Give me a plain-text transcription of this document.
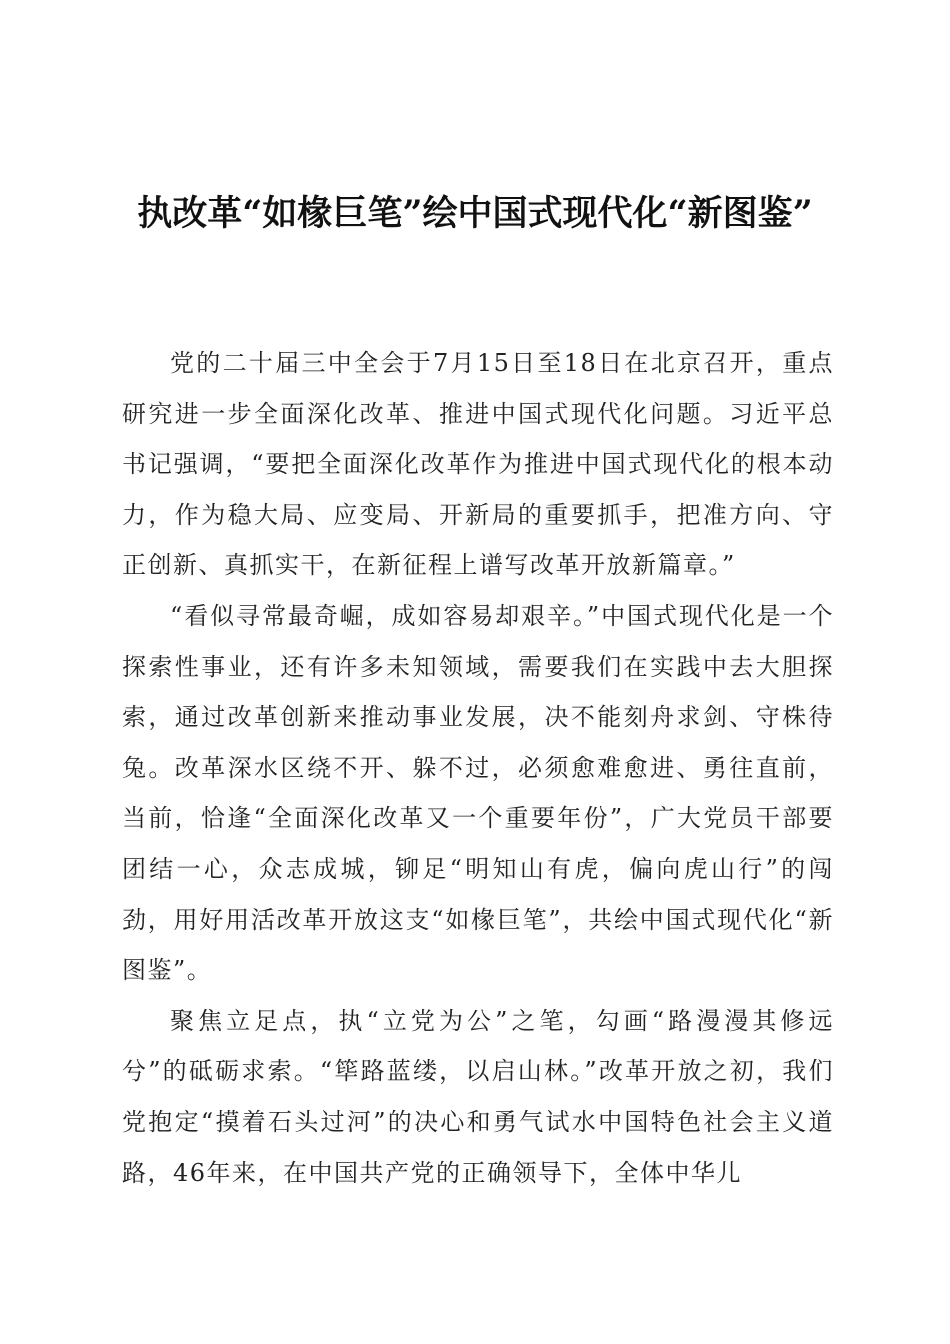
执改革“如椽巨笔”绘中国式现代化“新图鉴”

党的二十届三中全会于7月15日至18日在北京召开，重点研究进一步全面深化改革、推进中国式现代化问题。习近平总书记强调，“要把全面深化改革作为推进中国式现代化的根本动力，作为稳大局、应变局、开新局的重要抓手，把准方向、守正创新、真抓实干，在新征程上谱写改革开放新篇章。”

“看似寻常最奇崛，成如容易却艰辛。”中国式现代化是一个探索性事业，还有许多未知领域，需要我们在实践中去大胆探索，通过改革创新来推动事业发展，决不能刻舟求剑、守株待兔。改革深水区绕不开、躲不过，必须愈难愈进、勇往直前，当前，恰逢“全面深化改革又一个重要年份”，广大党员干部要团结一心，众志成城，铆足“明知山有虎，偏向虎山行”的闯劲，用好用活改革开放这支“如椽巨笔”，共绘中国式现代化“新图鉴”。

聚焦立足点，执“立党为公”之笔，勾画“路漫漫其修远兮”的砥砺求索。“筚路蓝缕，以启山林。”改革开放之初，我们党抱定“摸着石头过河”的决心和勇气试水中国特色社会主义道路，46年来，在中国共产党的正确领导下，全体中华儿
